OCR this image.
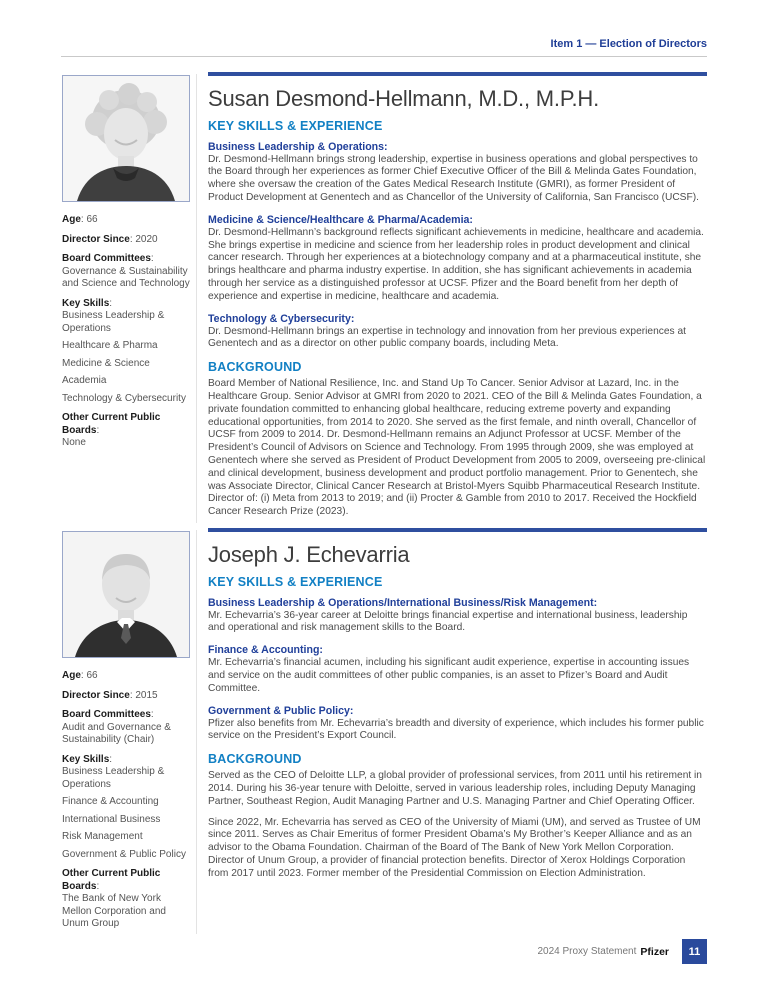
Item 1 — Election of Directors
Age : 66
Director Since : 2020
Board Committees :
Governance & Sustainability and Science and Technology
Key Skills :
Business Leadership & Operations
Healthcare & Pharma
Medicine & Science
Academia
Technology & Cybersecurity
Other Current Public Boards :
None
Susan Desmond-Hellmann, M.D., M.P.H.
KEY SKILLS & EXPERIENCE
Business Leadership & Operations:

Dr. Desmond-Hellmann brings strong leadership, expertise in business operations and global perspectives to the Board through her experiences as former Chief Executive Officer of the Bill & Melinda Gates Foundation, where she oversaw the creation of the Gates Medical Research Institute (GMRI), as former President of Product Development at Genentech and as Chancellor of the University of California, San Francisco (UCSF).

Medicine & Science/Healthcare & Pharma/Academia:

Dr. Desmond-Hellmann’s background reflects significant achievements in medicine, healthcare and academia. She brings expertise in medicine and science from her leadership roles in product development and clinical cancer research. Through her experiences at a biotechnology company and at a pharmaceutical institute, she brings healthcare and pharma industry expertise. In addition, she has significant achievements in academia through her service as a distinguished professor at UCSF. Pfizer and the Board benefit from her depth of experience and expertise in medicine, healthcare and academia.

Technology & Cybersecurity:

Dr. Desmond-Hellmann brings an expertise in technology and innovation from her previous experiences at Genentech and as a director on other public company boards, including Meta.

BACKGROUND

Board Member of National Resilience, Inc. and Stand Up To Cancer. Senior Advisor at Lazard, Inc. in the Healthcare Group. Senior Advisor at GMRI from 2020 to 2021. CEO of the Bill & Melinda Gates Foundation, a private foundation committed to enhancing global healthcare, reducing extreme poverty and expanding educational opportunities, from 2014 to 2020. She served as the first female, and ninth overall, Chancellor of UCSF from 2009 to 2014. Dr. Desmond-Hellmann remains an Adjunct Professor at UCSF. Member of the President’s Council of Advisors on Science and Technology. From 1995 through 2009, she was employed at Genentech where she served as President of Product Development from 2005 to 2009, overseeing pre-clinical and clinical development, business development and product portfolio management. Prior to Genentech, she was Associate Director, Clinical Cancer Research at Bristol-Myers Squibb Pharmaceutical Research Institute. Director of: (i) Meta from 2013 to 2019; and (ii) Procter & Gamble from 2010 to 2017. Received the Hockfield Cancer Research Prize (2023).

Age : 66
Director Since : 2015
Board Committees :
Audit and Governance & Sustainability (Chair)
Key Skills :
Business Leadership & Operations
Finance & Accounting
International Business
Risk Management
Government & Public Policy
Other Current Public Boards :
The Bank of New York Mellon Corporation and Unum Group
Joseph J. Echevarria
KEY SKILLS & EXPERIENCE
Business Leadership & Operations/International Business/Risk Management:

Mr. Echevarria’s 36-year career at Deloitte brings financial expertise and international business, leadership and operational and risk management skills to the Board.

Finance & Accounting:

Mr. Echevarria’s financial acumen, including his significant audit experience, expertise in accounting issues and service on the audit committees of other public companies, is an asset to Pfizer’s Board and Audit Committee.

Government & Public Policy:

Pfizer also benefits from Mr. Echevarria’s breadth and diversity of experience, which includes his former public service on the President’s Export Council.

BACKGROUND

Served as the CEO of Deloitte LLP, a global provider of professional services, from 2011 until his retirement in 2014. During his 36-year tenure with Deloitte, served in various leadership roles, including Deputy Managing Partner, Southeast Region, Audit Managing Partner and U.S. Managing Partner and Chief Operating Officer.

Since 2022, Mr. Echevarria has served as CEO of the University of Miami (UM), and served as Trustee of UM since 2011. Serves as Chair Emeritus of former President Obama’s My Brother’s Keeper Alliance and as an advisor to the Obama Foundation. Chairman of the Board of The Bank of New York Mellon Corporation. Director of Unum Group, a provider of financial protection benefits. Director of Xerox Holdings Corporation from 2017 until 2023. Former member of the Presidential Commission on Election Administration.

2024 Proxy Statement Pfizer	11
